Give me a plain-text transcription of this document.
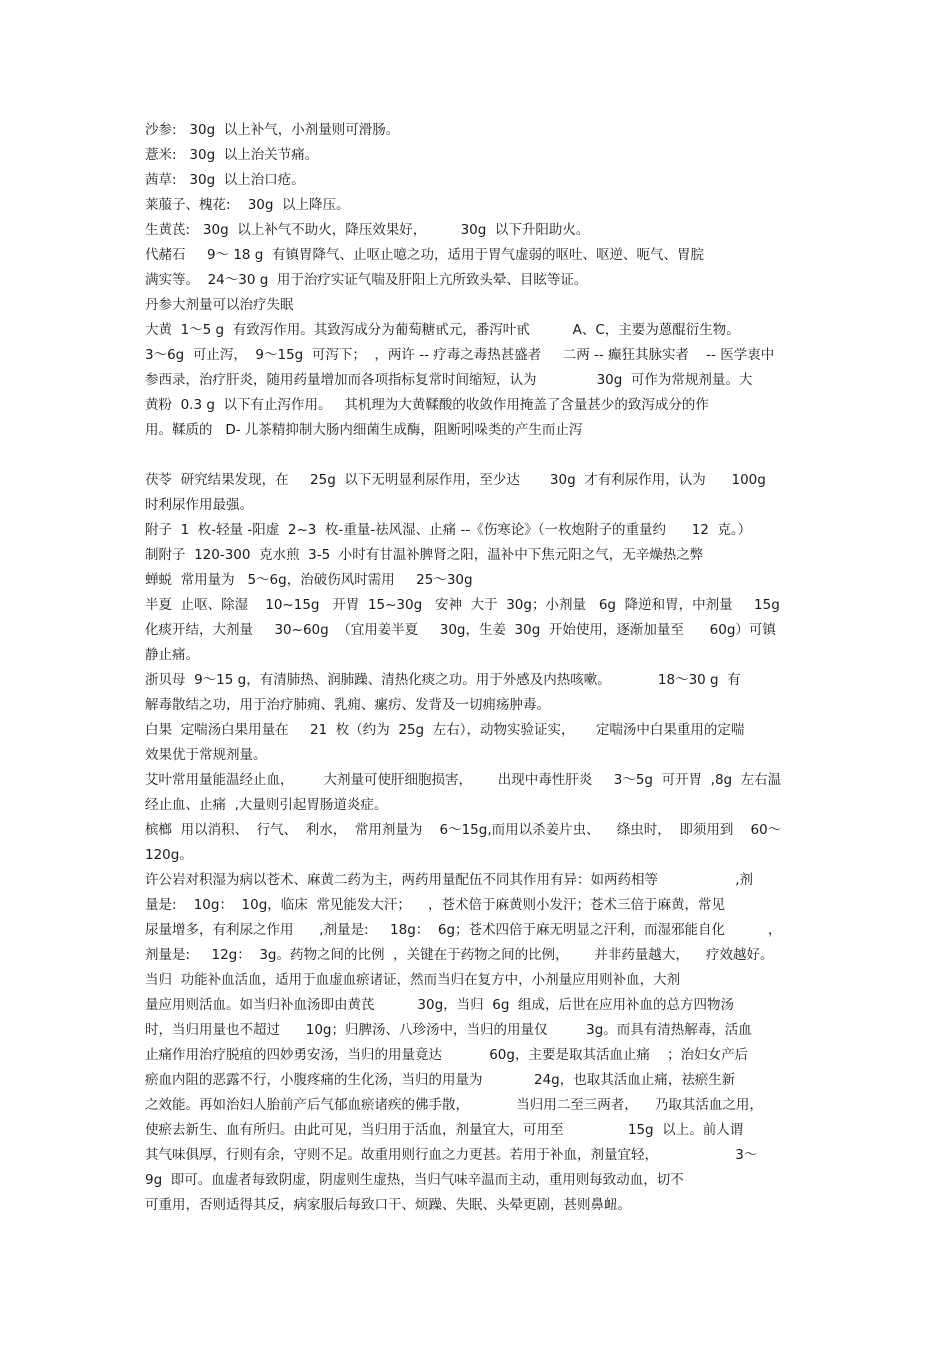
沙参:   30g  以上补气，小剂量则可滑肠。
薏米:   30g  以上治关节痛。
茜草:   30g  以上治口疮。
莱菔子、槐花:    30g  以上降压。
生黄芪:   30g  以上补气不助火，降压效果好，        30g  以下升阳助火。
代赭石     9～ 18 g  有镇胃降气、止呕止噫之功，适用于胃气虚弱的呕吐、呕逆、呃气、胃脘
满实等。  24～30 g  用于治疗实证气喘及肝阳上亢所致头晕、目眩等证。
丹参大剂量可以治疗失眠
大黄  1～5 g  有致泻作用。其致泻成分为葡萄糖甙元，番泻叶甙          A、C，主要为蒽醌衍生物。
3～6g  可止泻，  9～15g  可泻下；  ，两许 -- 疗毒之毒热甚盛者     二两 -- 癫狂其脉实者    -- 医学衷中
参西录，治疗肝炎，随用药量增加而各项指标复常时间缩短，认为              30g  可作为常规剂量。大
黄粉  0.3 g  以下有止泻作用。   其机理为大黄鞣酸的收敛作用掩盖了含量甚少的致泻成分的作
用。鞣质的   D- 儿茶精抑制大肠内细菌生成酶，阻断吲哚类的产生而止泻
茯苓  研究结果发现，在     25g  以下无明显利尿作用，至少达       30g  才有利尿作用，认为      100g
时利尿作用最强。
附子  1  枚-轻量 -阳虚  2~3  枚-重量-祛风湿、止痛 --《伤寒论》（一枚炮附子的重量约      12  克。）
制附子  120-300  克水煎  3-5  小时有甘温补脾肾之阳，温补中下焦元阳之气，无辛燥热之弊
蝉蜕  常用量为   5～6g，治破伤风时需用     25～30g
半夏  止呕、除湿    10~15g   开胃  15~30g   安神  大于  30g；小剂量   6g  降逆和胃，中剂量     15g
化痰开结，大剂量     30~60g  （宜用姜半夏     30g，生姜  30g  开始使用，逐渐加量至      60g）可镇
静止痛。
浙贝母  9～15 g，有清肺热、润肺躁、清热化痰之功。用于外感及内热咳嗽。           18～30 g  有
解毒散结之功，用于治疗肺痈、乳痈、瘰疠、发背及一切痈疡肿毒。
白果  定喘汤白果用量在     21  枚（约为  25g  左右），动物实验证实，     定喘汤中白果重用的定喘
效果优于常规剂量。
艾叶常用量能温经止血，       大剂量可使肝细胞损害，      出现中毒性肝炎     3～5g  可开胃  ,8g  左右温
经止血、止痛  ,大量则引起胃肠道炎症。
槟榔  用以消积、  行气、  利水，  常用剂量为    6～15g,而用以杀姜片虫、    绦虫时，  即须用到    60～
120g。
许公岩对积湿为病以苍术、麻黄二药为主，两药用量配伍不同其作用有异：如两药相等                  ,剂
量是:    10g：  10g，临床  常见能发大汗；    ，苍术倍于麻黄则小发汗；苍术三倍于麻黄，常见
尿量增多，有利尿之作用      ,剂量是:     18g：  6g；苍术四倍于麻无明显之汗利，而湿邪能自化          ，
剂量是:     12g：  3g。药物之间的比例  ，关键在于药物之间的比例，      并非药量越大，    疗效越好。
当归  功能补血活血，适用于血虚血瘀诸证，然而当归在复方中，小剂量应用则补血，大剂
量应用则活血。如当归补血汤即由黄芪          30g，当归  6g  组成，后世在应用补血的总方四物汤
时，当归用量也不超过      10g；归脾汤、八珍汤中，当归的用量仅         3g。而具有清热解毒，活血
止痛作用治疗脱疽的四妙勇安汤，当归的用量竟达           60g，主要是取其活血止痛    ；治妇女产后
瘀血内阻的恶露不行，小腹疼痛的生化汤，当归的用量为            24g，也取其活血止痛，祛瘀生新
之效能。再如治妇人胎前产后气郁血瘀诸疾的佛手散，           当归用二至三两者，    乃取其活血之用，
使瘀去新生、血有所归。由此可见，当归用于活血，剂量宜大，可用至               15g  以上。前人谓
其气味俱厚，行则有余，守则不足。故重用则行血之力更甚。若用于补血，剂量宜轻，                  3～
9g  即可。血虚者每致阴虚，阴虚则生虚热，当归气味辛温而主动，重用则每致动血，切不
可重用，否则适得其反，病家服后每致口干、烦躁、失眠、头晕更剧，甚则鼻衄。
